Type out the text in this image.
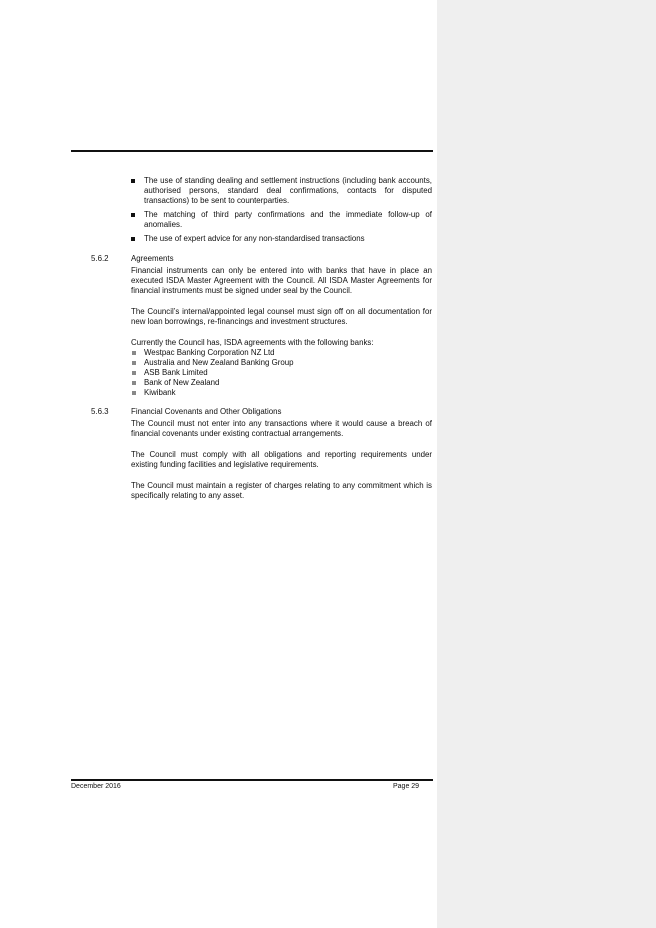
The use of standing dealing and settlement instructions (including bank accounts, authorised persons, standard deal confirmations, contacts for disputed transactions) to be sent to counterparties.
The matching of third party confirmations and the immediate follow-up of anomalies.
The use of expert advice for any non-standardised transactions
5.6.2	Agreements
Financial instruments can only be entered into with banks that have in place an executed ISDA Master Agreement with the Council. All ISDA Master Agreements for financial instruments must be signed under seal by the Council.
The Council’s internal/appointed legal counsel must sign off on all documentation for new loan borrowings, re-financings and investment structures.
Currently the Council has, ISDA agreements with the following banks:
Westpac Banking Corporation NZ Ltd
Australia and New Zealand Banking Group
ASB Bank Limited
Bank of New Zealand
Kiwibank
5.6.3	Financial Covenants and Other Obligations
The Council must not enter into any transactions where it would cause a breach of financial covenants under existing contractual arrangements.
The Council must comply with all obligations and reporting requirements under existing funding facilities and legislative requirements.
The Council must maintain a register of charges relating to any commitment which is specifically relating to any asset.
December 2016	Page 29
